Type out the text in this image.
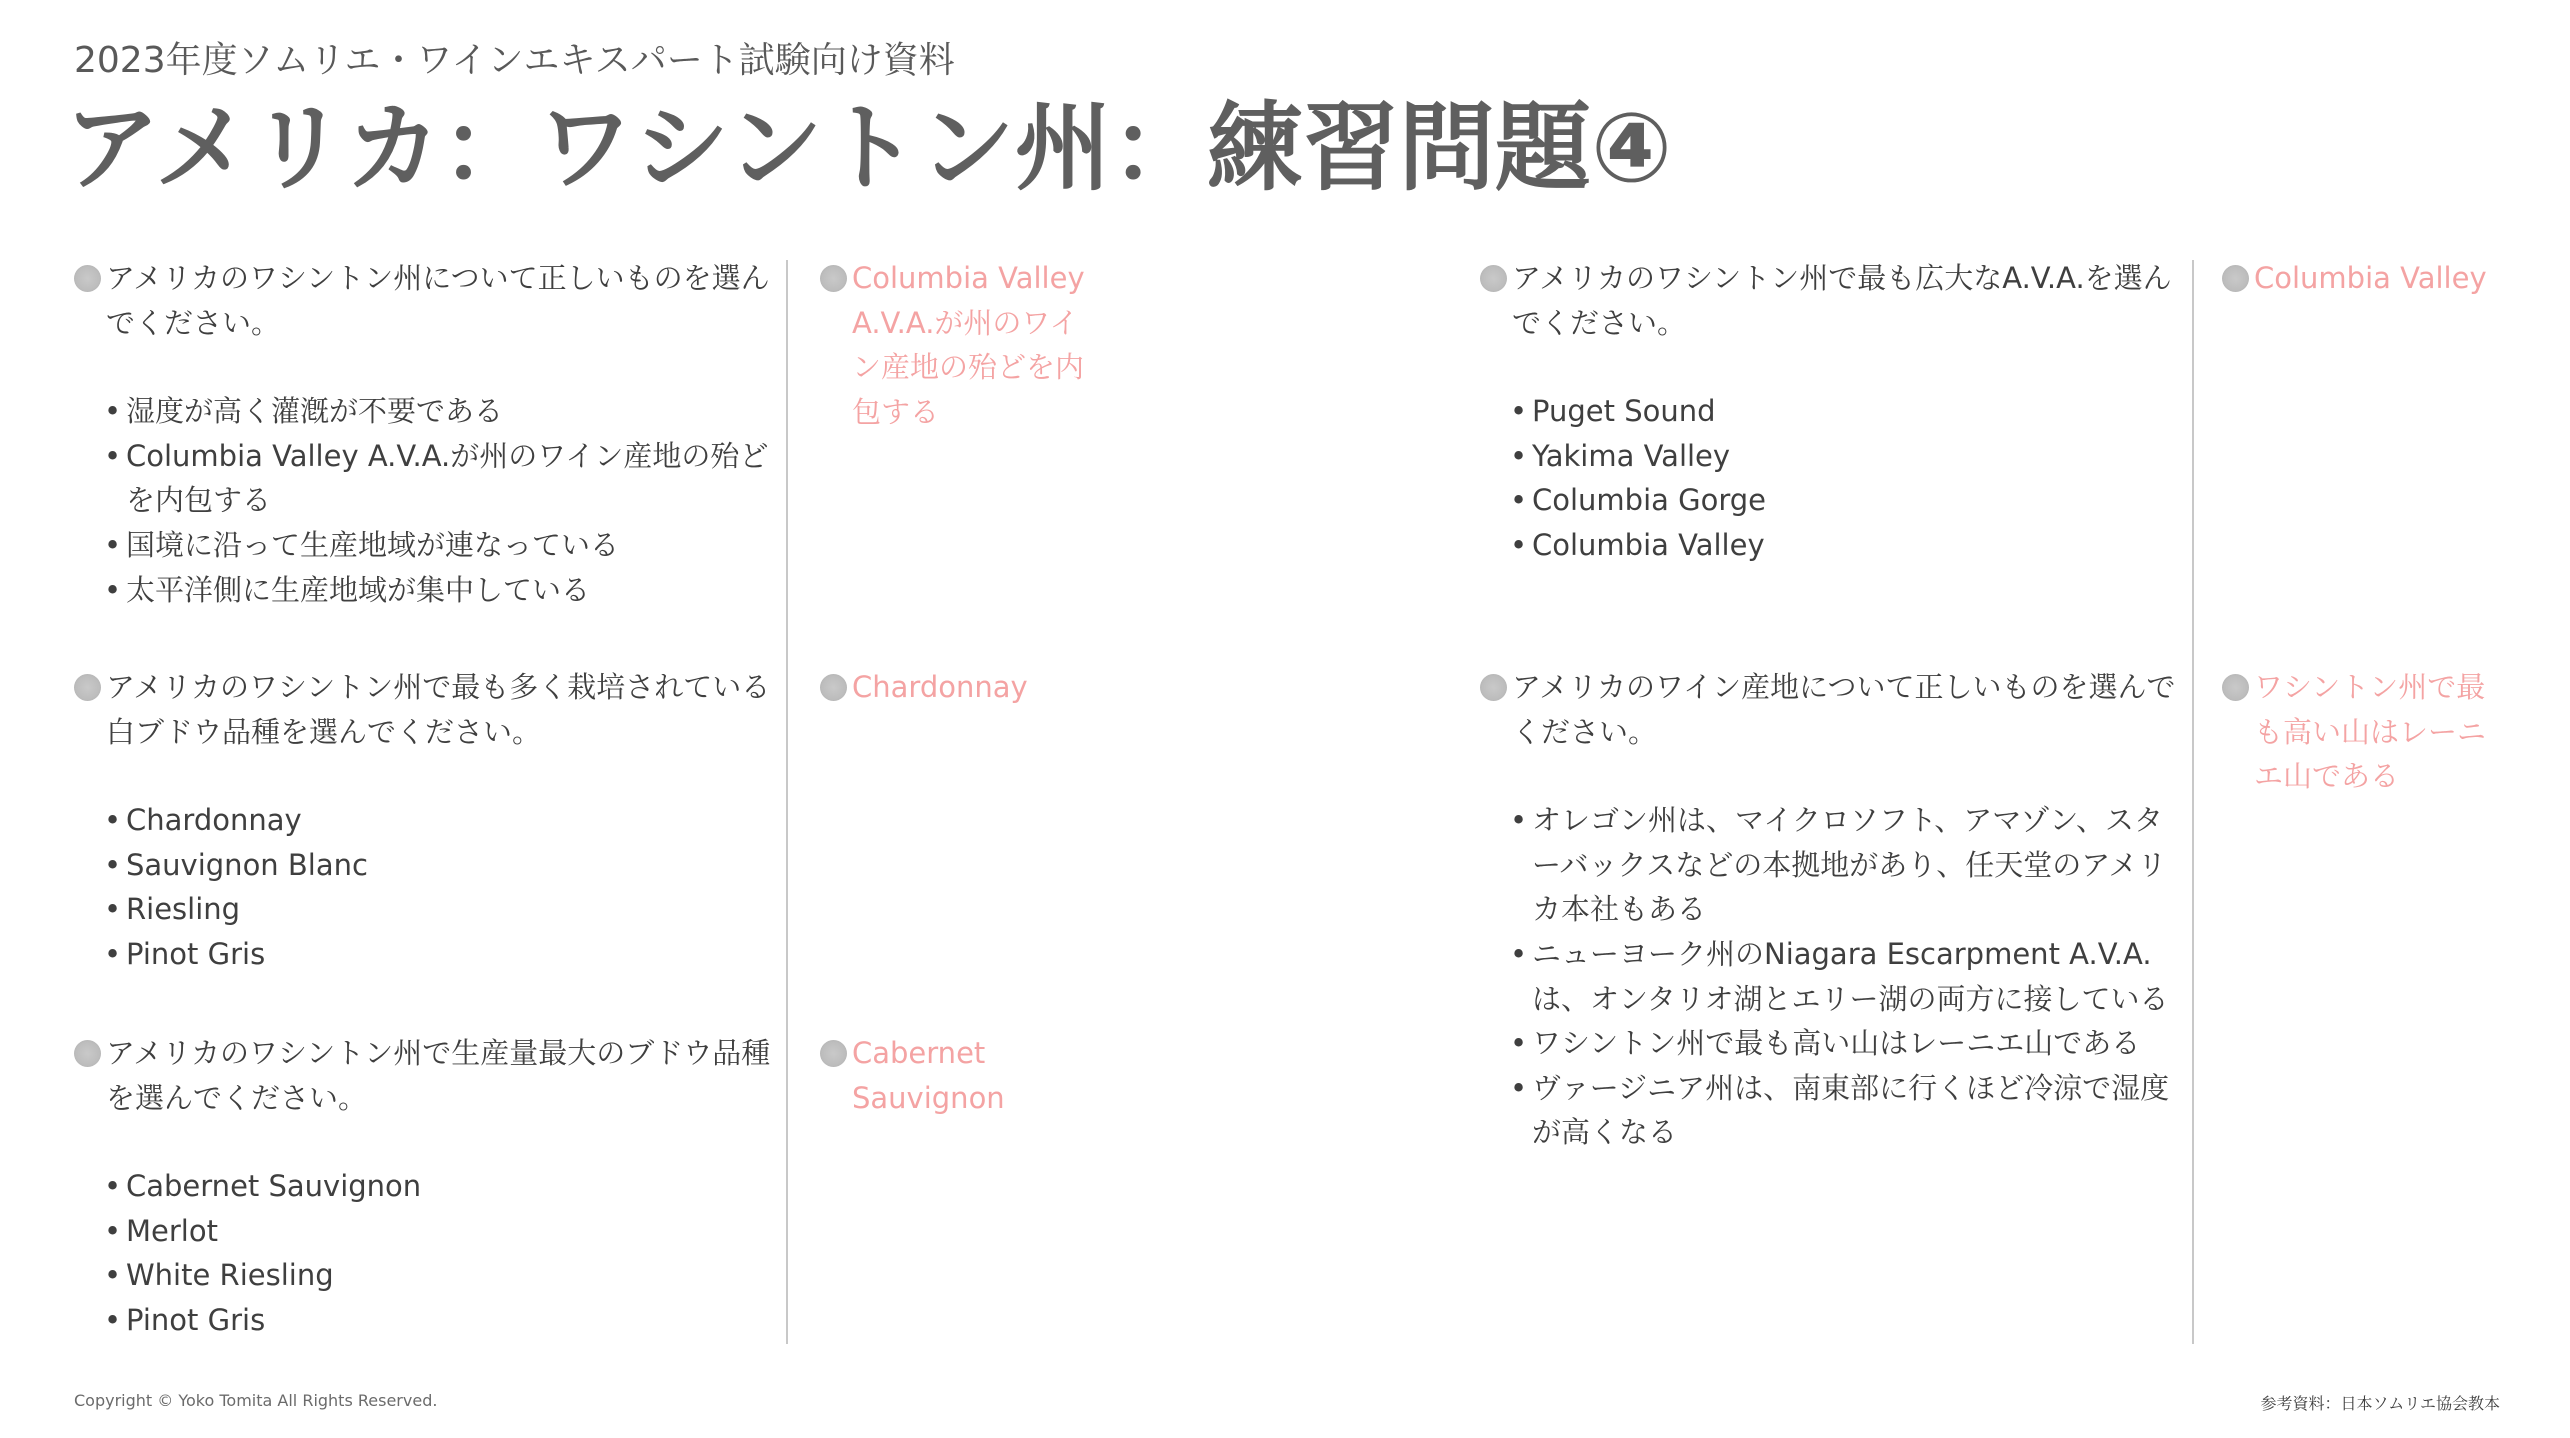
2023年度ソムリエ・ワインエキスパート試験向け資料
アメリカ：ワシントン州：練習問題④
アメリカのワシントン州について正しいものを選んでください。
• 湿度が高く灌漑が不要である
• Columbia Valley A.V.A.が州のワイン産地の殆どを内包する
• 国境に沿って生産地域が連なっている
• 太平洋側に生産地域が集中している
Columbia Valley A.V.A.が州のワイン産地の殆どを内包する
アメリカのワシントン州で最も多く栽培されている白ブドウ品種を選んでください。
• Chardonnay
• Sauvignon Blanc
• Riesling
• Pinot Gris
Chardonnay
アメリカのワシントン州で生産量最大のブドウ品種を選んでください。
• Cabernet Sauvignon
• Merlot
• White Riesling
• Pinot Gris
Cabernet Sauvignon
アメリカのワシントン州で最も広大なA.V.A.を選んでください。
• Puget Sound
• Yakima Valley
• Columbia Gorge
• Columbia Valley
Columbia Valley
アメリカのワイン産地について正しいものを選んでください。
• オレゴン州は、マイクロソフト、アマゾン、スターバックスなどの本拠地があり、任天堂のアメリカ本社もある
• ニューヨーク州のNiagara Escarpment A.V.A.は、オンタリオ湖とエリー湖の両方に接している
• ワシントン州で最も高い山はレーニエ山である
• ヴァージニア州は、南東部に行くほど冷涼で湿度が高くなる
ワシントン州で最も高い山はレーニエ山である
Copyright © Yoko Tomita All Rights Reserved.	参考資料：日本ソムリエ協会教本
